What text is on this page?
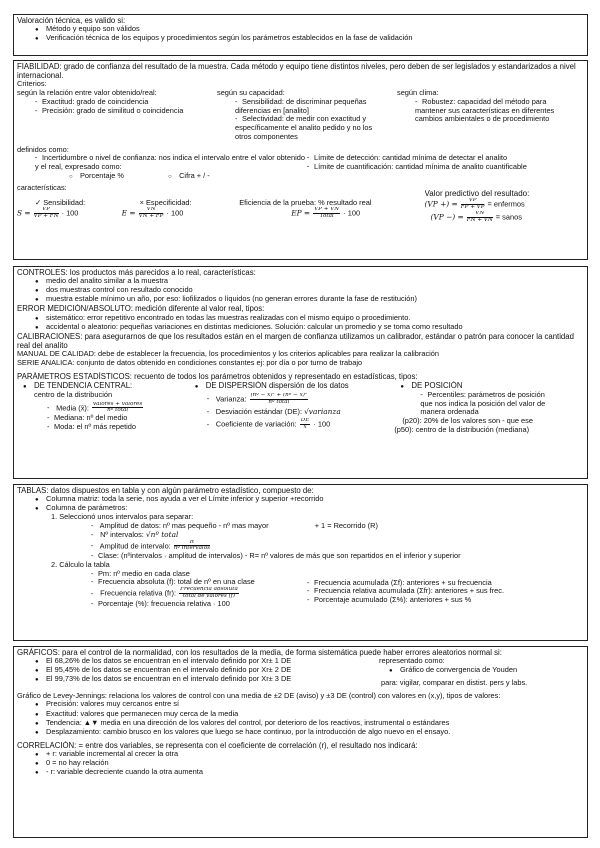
Valoración técnica, es valido si:
● Método y equipo son válidos
● Verificación técnica de los equipos y procedimientos según los parámetros establecidos en la fase de validación
FIABILIDAD: grado de confianza del resultado de la muestra. Cada método y equipo tiene distintos niveles, pero deben de ser legislados y estandarizados a nivel internacional.
Criterios:
según la relación entre valor obtenido/real:
- Exactitud: grado de coincidencia
- Precisión: grado de similitud o coincidencia
según su capacidad:
- Sensibilidad: de discriminar pequeñas diferencias en [analito]
- Selectividad: de medir con exactitud y específicamente el analito pedido y no los otros componentes
según clima:
- Robustez: capacidad del método para mantener sus características en diferentes cambios ambientales o de procedimiento
definidos como:
· Incertidumbre o nivel de confianza: nos indica el intervalo entre el valor obtenido y el real, expresado como:
○ Porcentaje %  ○	Cifra + / -
· Límite de detección: cantidad mínima de detectar el analito
· Límite de cuantificación: cantidad mínima de analito cuantificable
características:
✓ Sensibilidad:
$S = \frac{VP}{VP + FN} \cdot 100$
× Especificidad:
$E = \frac{VN}{VN + FP} \cdot 100$
Eficiencia de la prueba: % resultado real
EP = $\frac{VP + VN}{\text{Total}} \cdot 100$
Valor predictivo del resultado:
(VP +) = $\frac{VP}{FP + VP}$ = enfermos
(VP −) = $\frac{VN}{FN + VN}$ = sanos
CONTROLES: los productos más parecidos a lo real, características:
● medio del analito similar a la muestra
● dos muestras control con resultado conocido
● muestra estable mínimo un año, por eso: liofilizados o líquidos (no generan errores durante la fase de restitución)
ERROR MEDICIÓN/ABSOLUTO: medición diferente al valor real, tipos:
● sistemático: error repetitivo encontrado en todas las muestras realizadas con el mismo equipo o procedimiento.
● accidental o aleatorio: pequeñas variaciones en distintas mediciones. Solución: calcular un promedio y se toma como resultado
CALIBRACIONES: para asegurarnos de que los resultados están en el margen de confianza utilizamos un calibrador, estándar o patrón para conocer la cantidad real del analito
MANUAL DE CALIDAD: debe de establecer la frecuencia, los procedimientos y los criterios aplicables para realizar la calibración
SERIE ANALICA: conjunto de datos obtenido en condiciones constantes ej: por día o por turno de trabajo
PARÁMETROS ESTADÍSTICOS: recuento de todos los parámetros obtenidos y representado en estadísticas, tipos:
● DE TENDENCIA CENTRAL:
centro de la distribución
- Media (x̄): $\frac{\text{valores + valores}}{\text{nº total}}$
- Mediana: nº del medio
- Moda: el nº más repetido
● DE DISPERSIÓN dispersión de los datos
- Varianza: $\frac{\text{(nº − x̄)² + (nº − x̄)²}}{\text{nº total}}$
- Desviación estándar (DE): √varianza
- Coeficiente de variación: $\frac{DE}{x̄} \cdot 100$
● DE POSICIÓN
- Percentiles: parámetros de posición que nos indica la posición del valor de manera ordenada
(p20): 20% de los valores son - que ese
(p50): centro de la distribución (mediana)
TABLAS: datos dispuestos en tabla y con algún parámetro estadístico, compuesto de:
● Columna matriz: toda la serie, nos ayuda a ver el Límite inferior y superior +recorrido
● Columna de parámetros:
1. Seleccionó unos intervalos para separar:
- Amplitud de datos: nº mas pequeño - nº mas mayor	+ 1 = Recorrido (R)
- Nº intervalos: √nº total
- Amplitud de intervalo: $\frac{R}{\text{nº intervalos}}$
- Clase: (nºintervalos · amplitud de intervalos) - R= nº valores de más que son repartidos en el inferior y superior
2. Cálculo la tabla
- Pm: nº medio en cada clase
- Frecuencia absoluta (f): total de nº en una clase
- Frecuencia relativa (fr): $\frac{\text{Frecuencia absoluta}}{\text{total de valores (f)}}$
- Porcentaje (%): frecuencia relativa · 100
- Frecuencia acumulada (Σf): anteriores + su frecuencia
- Frecuencia relativa acumulada (Σfr): anteriores + sus frec.
- Porcentaje acumulado (Σ%): anteriores + sus %
GRÁFICOS: para el control de la normalidad, con los resultados de la media, de forma sistemática puede haber errores aleatorios normal si:
● El 68,26% de los datos se encuentran en el intervalo definido por Xr± 1 DE
● El 95,45% de los datos se encuentran en el intervalo definido por Xr± 2 DE
● El 99,73% de los datos se encuentran en el intervalo definido por Xr± 3 DE
representado como:
● Gráfico de convergencia de Youden
para: vigilar, comparar en distist. pers y labs.
Gráfico de Levey-Jennings: relaciona los valores de control con una media de ±2 DE (aviso) y ±3 DE (control) con valores en (x,y), tipos de valores:
● Precisión: valores muy cercanos entre sí
● Exactitud: valores que permanecen muy cerca de la media
● Tendencia: ▲▼ media en una dirección de los valores del control, por deterioro de los reactivos, instrumental o estándares
● Desplazamiento: cambio brusco en los valores que luego se hace continuo, por la introducción de algo nuevo en el ensayo.
CORRELACIÓN: = entre dos variables, se representa con el coeficiente de correlación (r), el resultado nos indicará:
● + r: variable incremental al crecer la otra
● 0 = no hay relación
● - r: variable decreciente cuando la otra aumenta
